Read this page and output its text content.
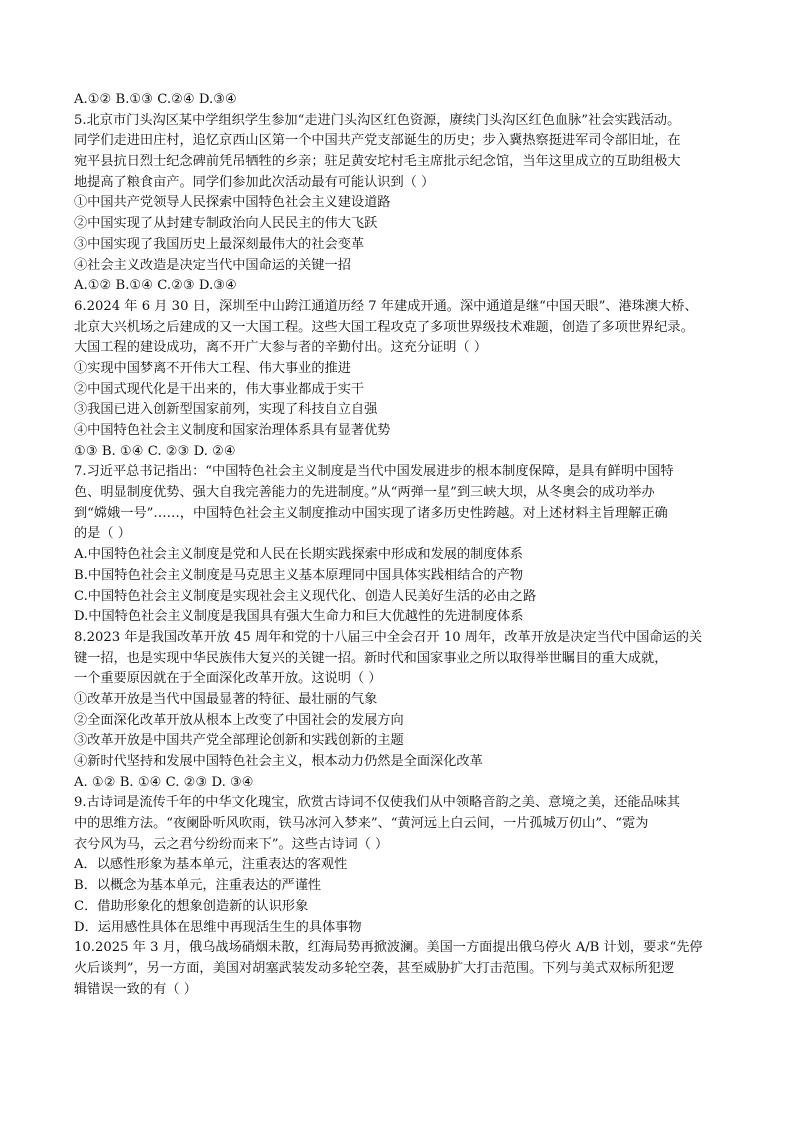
A.①② B.①③ C.②④ D.③④
5.北京市门头沟区某中学组织学生参加“走进门头沟区红色资源，赓续门头沟区红色血脉”社会实践活动。
同学们走进田庄村，追忆京西山区第一个中国共产党支部诞生的历史；步入冀热察挺进军司令部旧址，在
宛平县抗日烈士纪念碑前凭吊牺牲的乡亲；驻足黄安坨村毛主席批示纪念馆，当年这里成立的互助组极大
地提高了粮食亩产。同学们参加此次活动最有可能认识到（ ）
①中国共产党领导人民探索中国特色社会主义建设道路
②中国实现了从封建专制政治向人民民主的伟大飞跃
③中国实现了我国历史上最深刻最伟大的社会变革
④社会主义改造是决定当代中国命运的关键一招
A.①② B.①④ C.②③ D.③④
6.2024 年 6 月 30 日，深圳至中山跨江通道历经 7 年建成开通。深中通道是继“中国天眼”、港珠澳大桥、
北京大兴机场之后建成的又一大国工程。这些大国工程攻克了多项世界级技术难题，创造了多项世界纪录。
大国工程的建设成功，离不开广大参与者的辛勤付出。这充分证明（ ）
①实现中国梦离不开伟大工程、伟大事业的推进
②中国式现代化是干出来的，伟大事业都成于实干
③我国已进入创新型国家前列，实现了科技自立自强
④中国特色社会主义制度和国家治理体系具有显著优势
①③ B. ①④ C. ②③ D. ②④
7.习近平总书记指出：“中国特色社会主义制度是当代中国发展进步的根本制度保障，是具有鲜明中国特
色、明显制度优势、强大自我完善能力的先进制度。”从“两弹一星”到三峡大坝，从冬奥会的成功举办
到“嫦娥一号”……，中国特色社会主义制度推动中国实现了诸多历史性跨越。对上述材料主旨理解正确
的是（ ）
A.中国特色社会主义制度是党和人民在长期实践探索中形成和发展的制度体系
B.中国特色社会主义制度是马克思主义基本原理同中国具体实践相结合的产物
C.中国特色社会主义制度是实现社会主义现代化、创造人民美好生活的必由之路
D.中国特色社会主义制度是我国具有强大生命力和巨大优越性的先进制度体系
8.2023 年是我国改革开放 45 周年和党的十八届三中全会召开 10 周年，改革开放是决定当代中国命运的关
键一招，也是实现中华民族伟大复兴的关键一招。新时代和国家事业之所以取得举世瞩目的重大成就，
一个重要原因就在于全面深化改革开放。这说明（ ）
①改革开放是当代中国最显著的特征、最壮丽的气象
②全面深化改革开放从根本上改变了中国社会的发展方向
③改革开放是中国共产党全部理论创新和实践创新的主题
④新时代坚持和发展中国特色社会主义，根本动力仍然是全面深化改革
A. ①② B. ①④ C. ②③ D. ③④
9.古诗词是流传千年的中华文化瑰宝，欣赏古诗词不仅使我们从中领略音韵之美、意境之美，还能品味其
中的思维方法。“夜阑卧听风吹雨，铁马冰河入梦来”、“黄河远上白云间，一片孤城万仞山”、“霓为
衣兮风为马，云之君兮纷纷而来下”。这些古诗词（ ）
A．以感性形象为基本单元，注重表达的客观性
B．以概念为基本单元，注重表达的严谨性
C．借助形象化的想象创造新的认识形象
D．运用感性具体在思维中再现活生生的具体事物
10.2025 年 3 月，俄乌战场硝烟未散，红海局势再掀波澜。美国一方面提出俄乌停火 A/B 计划，要求“先停
火后谈判”，另一方面，美国对胡塞武装发动多轮空袭，甚至威胁扩大打击范围。下列与美式双标所犯逻
辑错误一致的有（ ）
